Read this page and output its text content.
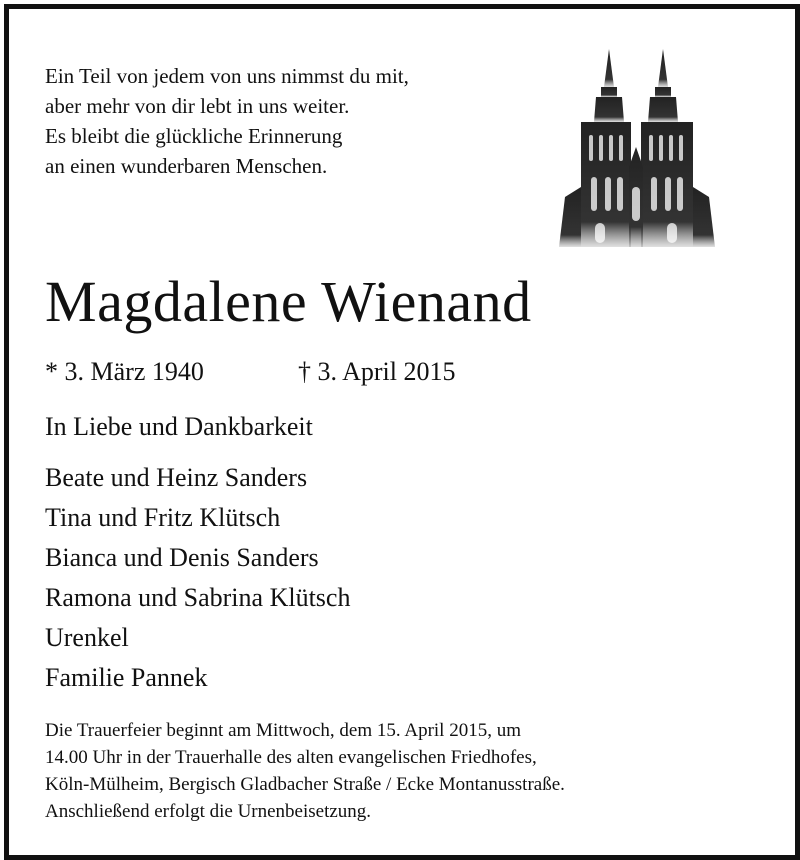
Ein Teil von jedem von uns nimmst du mit,
aber mehr von dir lebt in uns weiter.
Es bleibt die glückliche Erinnerung
an einen wunderbaren Menschen.
Magdalene Wienand
* 3. März 1940	† 3. April 2015
In Liebe und Dankbarkeit
Beate und Heinz Sanders
Tina und Fritz Klütsch
Bianca und Denis Sanders
Ramona und Sabrina Klütsch
Urenkel
Familie Pannek
Die Trauerfeier beginnt am Mittwoch, dem 15. April 2015, um
14.00 Uhr in der Trauerhalle des alten evangelischen Friedhofes,
Köln-Mülheim, Bergisch Gladbacher Straße / Ecke Montanusstraße.
Anschließend erfolgt die Urnenbeisetzung.
